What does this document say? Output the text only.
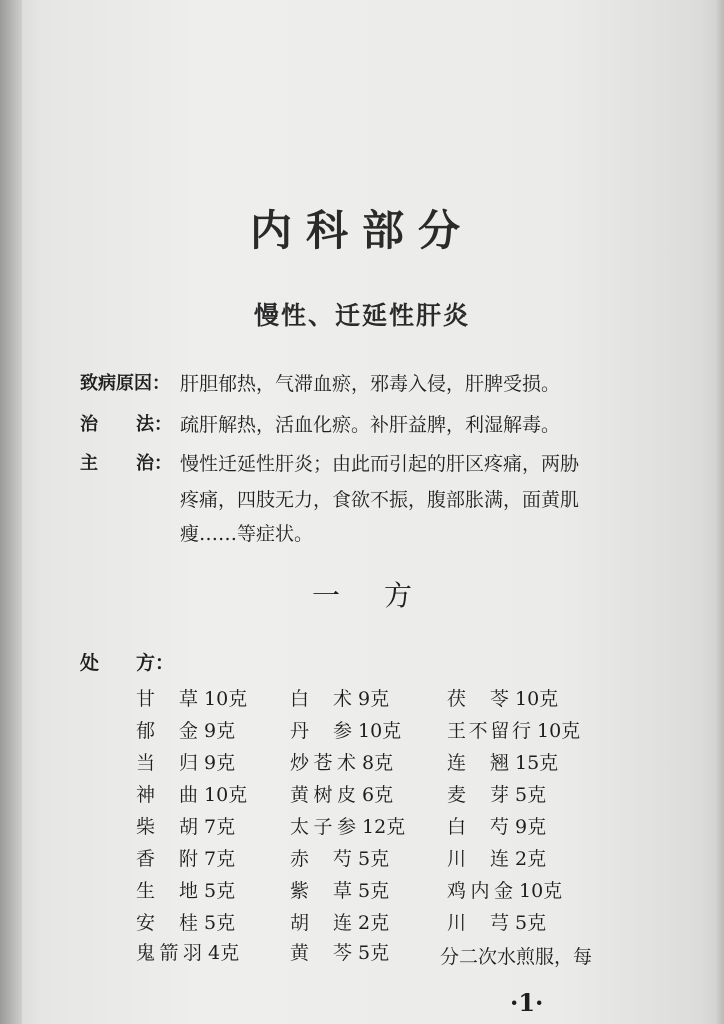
内科部分
慢性、迁延性肝炎
致病原因： 肝胆郁热，气滞血瘀，邪毒入侵，肝脾受损。
治 法： 疏肝解热，活血化瘀。补肝益脾，利湿解毒。
主 治： 慢性迁延性肝炎；由此而引起的肝区疼痛，两胁
疼痛，四肢无力，食欲不振，腹部胀满，面黄肌
瘦……等症状。
一方
处 方：
甘草 10克
郁金 9克
当归 9克
神曲 10克
柴胡 7克
香附 7克
生地 5克
安桂 5克
鬼箭羽 4克
白术 9克
丹参 10克
炒苍术 8克
黄树皮 6克
太子参 12克
赤芍 5克
紫草 5克
胡连 2克
黄芩 5克
茯苓 10克
王不留行 10克
连翘 15克
麦芽 5克
白芍 9克
川连 2克
鸡内金 10克
川芎 5克
分二次水煎服，每
·1·
